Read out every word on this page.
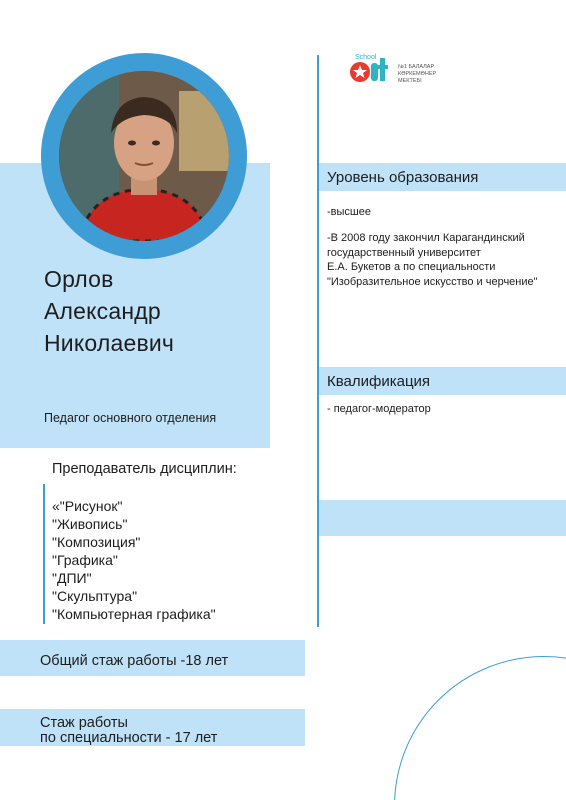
Орлов
Александр
Николаевич
Педагог основного отделения
Преподаватель дисциплин:
«"Рисунок"
"Живопись"
"Композиция"
"Графика"
"ДПИ"
"Скульптура"
"Компьютерная графика"
Общий стаж работы -18 лет
Стаж работы
по специальности - 17 лет
School
№1 БАЛАЛАР
КӨРКЕМӨНЕР
МЕКТЕБІ
Уровень образования
-высшее
-В 2008 году закончил Карагандинский
государственный университет
Е.А. Букетов а по специальности
"Изобразительное искусство и черчение"
Квалификация
- педагог-модератор
